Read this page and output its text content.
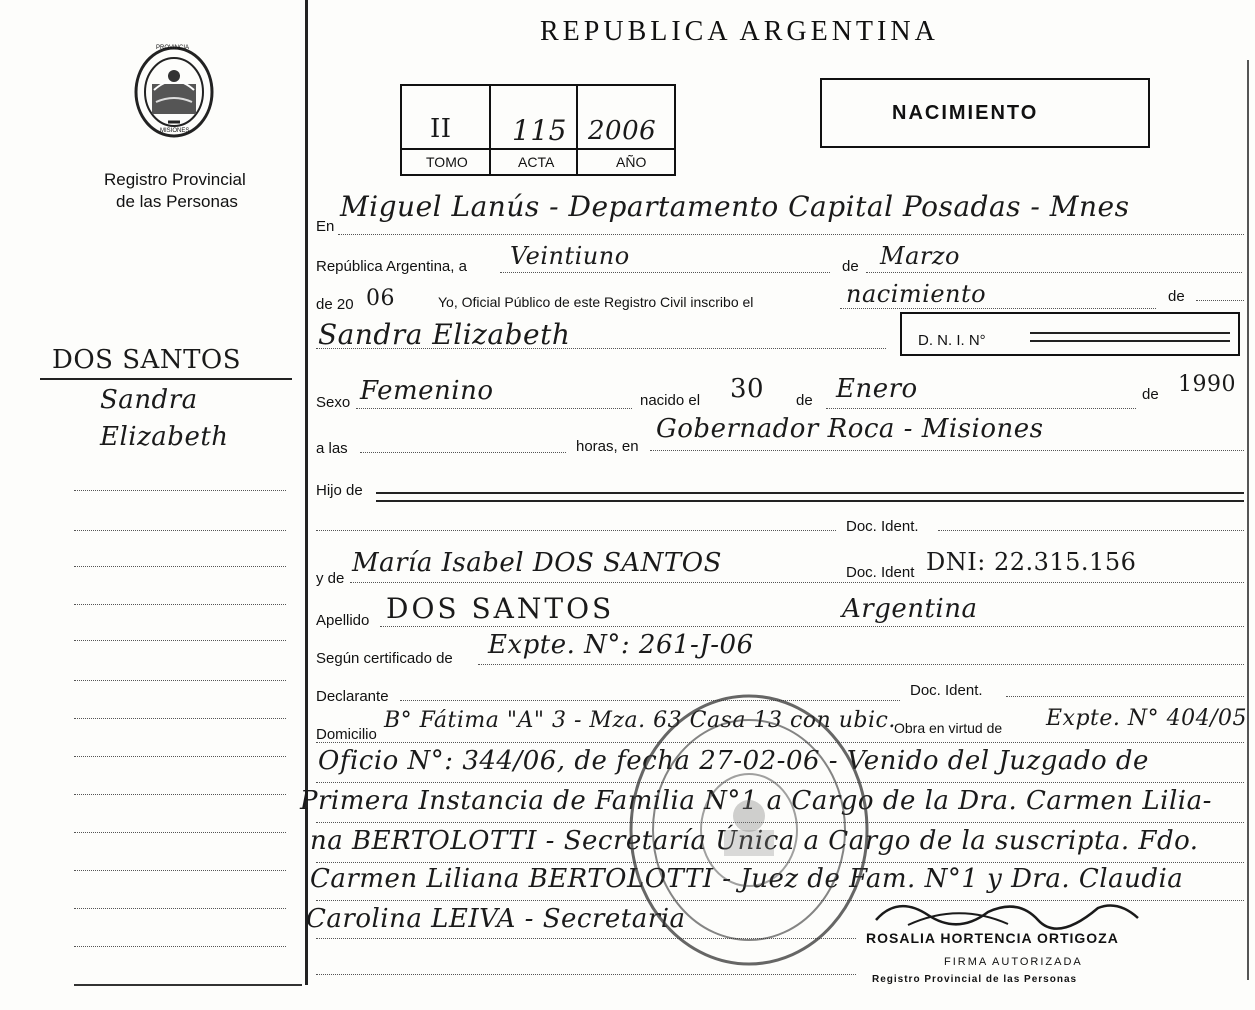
PROVINCIA
MISIONES
Registro Provincial
de las Personas
DOS SANTOS
Sandra
Elizabeth
REPUBLICA ARGENTINA
II 115 2006
TOMO	ACTA	AÑO
NACIMIENTO
En
Miguel Lanús - Departamento Capital Posadas - Mnes
República Argentina, a Veintiuno	de Marzo
de 20 06	Yo, Oficial Público de este Registro Civil inscribo el	nacimiento	de
Sandra Elizabeth	D. N. I. N°
Sexo Femenino	nacido el 30 de Enero	de 1990
a las	horas, en
Gobernador Roca - Misiones
Hijo de
Doc. Ident.
y de
María Isabel DOS SANTOS	Doc. Ident DNI: 22.315.156
Apellido DOS SANTOS	Argentina
Según certificado de Expte. N°: 261-J-06
Declarante	Doc. Ident.
Domicilio
B° Fátima "A" 3 - Mza. 63 Casa 13 con ubic.
Obra en virtud de Expte. N° 404/05
Oficio N°: 344/06, de fecha 27-02-06 - Venido del Juzgado de
Primera Instancia de Familia N°1 a Cargo de la Dra. Carmen Lilia-
na BERTOLOTTI - Secretaría Única a Cargo de la suscripta. Fdo.
Carmen Liliana BERTOLOTTI - Juez de Fam. N°1 y Dra. Claudia
Carolina LEIVA - Secretaria
ROSALIA HORTENCIA ORTIGOZA
FIRMA AUTORIZADA
Registro Provincial de las Personas
